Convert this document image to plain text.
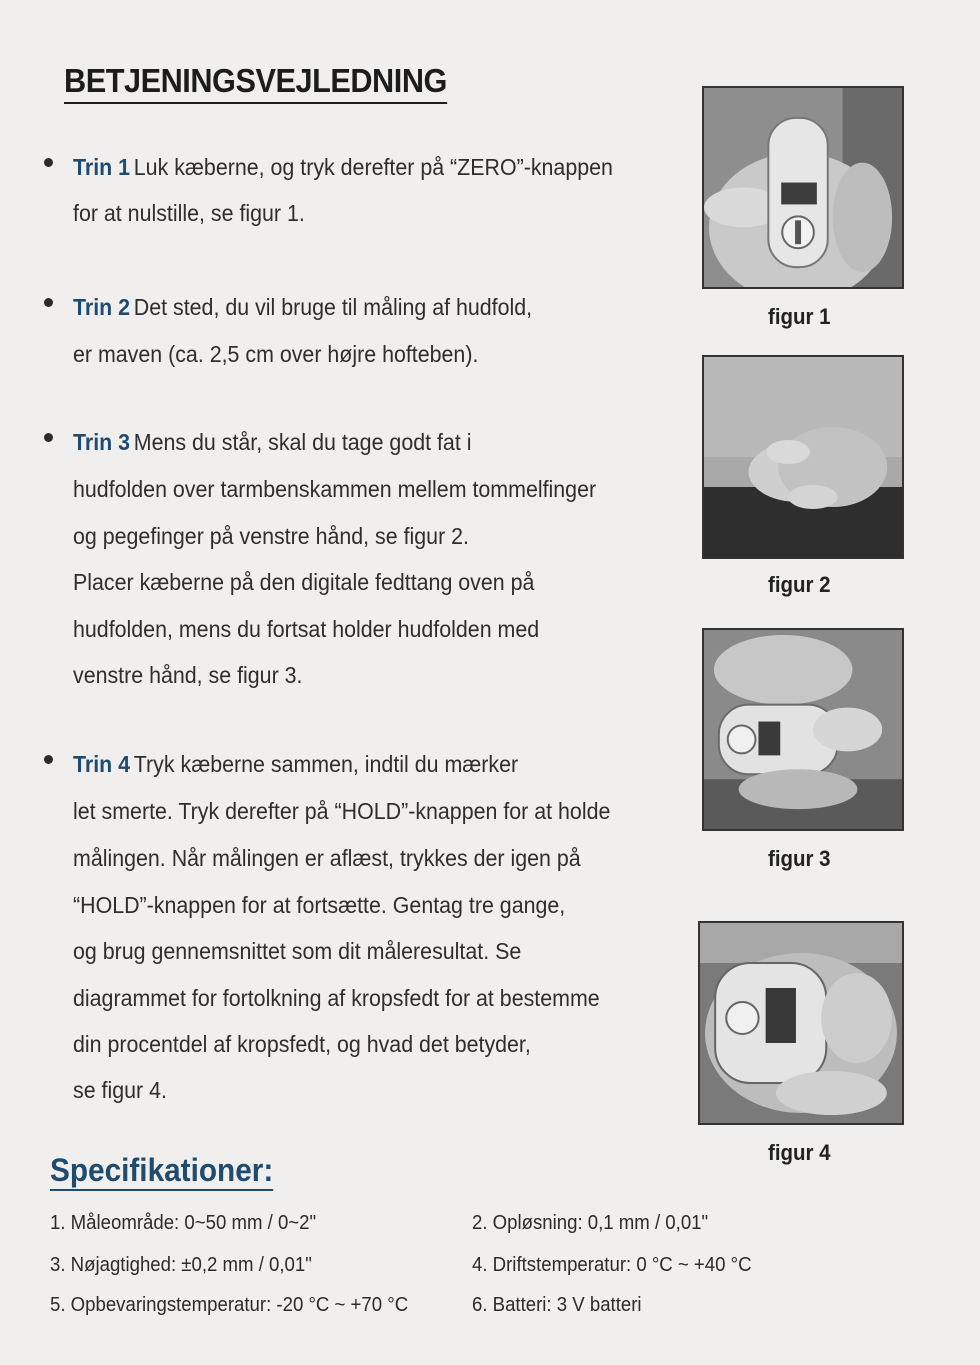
BETJENINGSVEJLEDNING
Trin 1 Luk kæberne, og tryk derefter på “ZERO”-knappen
for at nulstille, se figur 1.
Trin 2 Det sted, du vil bruge til måling af hudfold,
er maven (ca. 2,5 cm over højre hofteben).
Trin 3 Mens du står, skal du tage godt fat i
hudfolden over tarmbenskammen mellem tommelfinger
og pegefinger på venstre hånd, se figur 2.
Placer kæberne på den digitale fedttang oven på
hudfolden, mens du fortsat holder hudfolden med
venstre hånd, se figur 3.
Trin 4 Tryk kæberne sammen, indtil du mærker
let smerte. Tryk derefter på “HOLD”-knappen for at holde
målingen. Når målingen er aflæst, trykkes der igen på
“HOLD”-knappen for at fortsætte. Gentag tre gange,
og brug gennemsnittet som dit måleresultat. Se
diagrammet for fortolkning af kropsfedt for at bestemme
din procentdel af kropsfedt, og hvad det betyder,
se figur 4.
figur 1
figur 2
figur 3
figur 4
Specifikationer:
1. Måleområde: 0~50 mm / 0~2"	2. Opløsning: 0,1 mm / 0,01"
3. Nøjagtighed: ±0,2 mm / 0,01"	4. Driftstemperatur: 0 °C ~ +40 °C
5. Opbevaringstemperatur: -20 °C ~ +70 °C	6. Batteri: 3 V batteri
